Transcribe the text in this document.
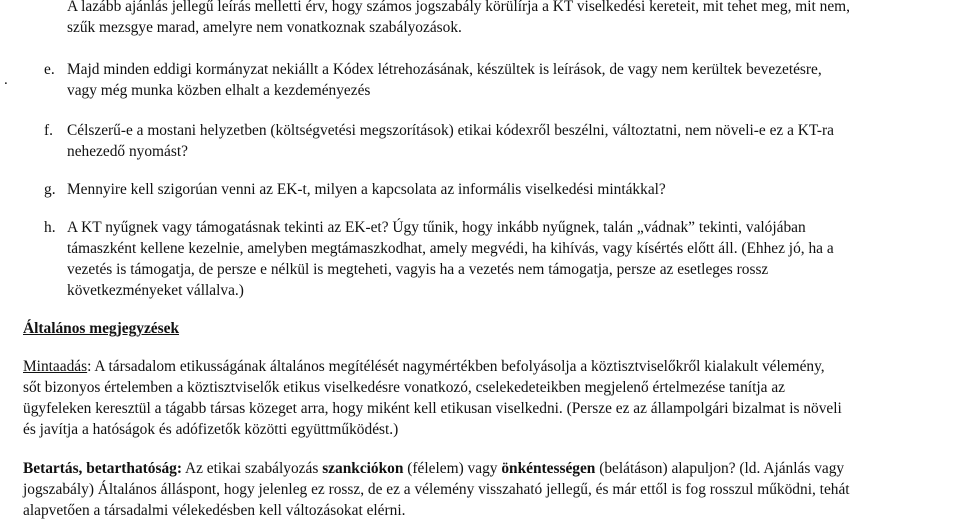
A lazább ajánlás jellegű leírás melletti érv, hogy számos jogszabály körülírja a KT viselkedési kereteit, mit tehet meg, mit nem,
szűk mezsgye marad, amelyre nem vonatkoznak szabályozások.
.
e. Majd minden eddigi kormányzat nekiállt a Kódex létrehozásának, készültek is leírások, de vagy nem kerültek bevezetésre,
vagy még munka közben elhalt a kezdeményezés
f. Célszerű-e a mostani helyzetben (költségvetési megszorítások) etikai kódexről beszélni, változtatni, nem növeli-e ez a KT-ra
nehezedő nyomást?
g. Mennyire kell szigorúan venni az EK-t, milyen a kapcsolata az informális viselkedési mintákkal?
h. A KT nyűgnek vagy támogatásnak tekinti az EK-et? Úgy tűnik, hogy inkább nyűgnek, talán „vádnak” tekinti, valójában
támaszként kellene kezelnie, amelyben megtámaszkodhat, amely megvédi, ha kihívás, vagy kísértés előtt áll. (Ehhez jó, ha a
vezetés is támogatja, de persze e nélkül is megteheti, vagyis ha a vezetés nem támogatja, persze az esetleges rossz
következményeket vállalva.)
Általános megjegyzések
Mintaadás: A társadalom etikusságának általános megítélését nagymértékben befolyásolja a köztisztviselőkről kialakult vélemény,
sőt bizonyos értelemben a köztisztviselők etikus viselkedésre vonatkozó, cselekedeteikben megjelenő értelmezése tanítja az
ügyfeleken keresztül a tágabb társas közeget arra, hogy miként kell etikusan viselkedni. (Persze ez az állampolgári bizalmat is növeli
és javítja a hatóságok és adófizetők közötti együttműködést.)
Betartás, betarthatóság: Az etikai szabályozás szankciókon (félelem) vagy önkéntességen (belátáson) alapuljon? (ld. Ajánlás vagy
jogszabály) Általános álláspont, hogy jelenleg ez rossz, de ez a vélemény visszaható jellegű, és már ettől is fog rosszul működni, tehát
alapvetően a társadalmi vélekedésben kell változásokat elérni.
